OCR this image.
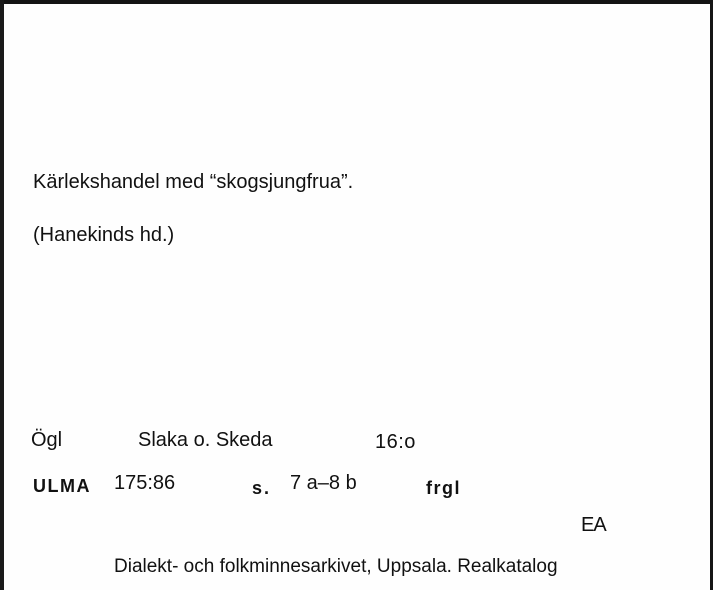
Kärlekshandel med “skogsjungfrua”.
(Hanekinds hd.)
Ögl	Slaka o. Skeda	16:o
ULMA 175:86	s. 7 a–8 b	frgl
EA
Dialekt- och folkminnesarkivet, Uppsala. Realkatalog
